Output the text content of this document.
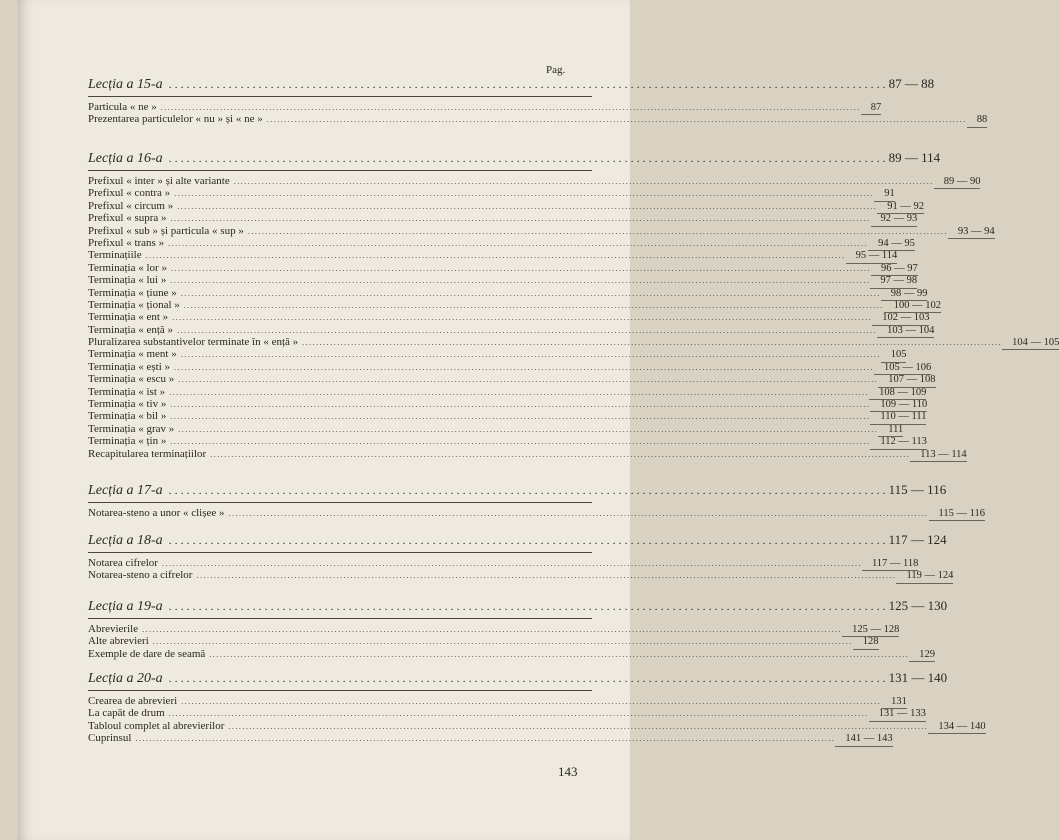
Pag.
Lecția a 15-a ........................................................................................................................ 87 — 88
Particula « ne » ........................................................................................................................................................................................................ 87
Prezentarea particulelor « nu » și « ne » ........................................................................................................................................................................................................ 88
Lecția a 16-a ........................................................................................................................ 89 — 114
Prefixul « inter » și alte variante ........................................................................................................................................................................................................ 89 — 90
Prefixul « contra » ........................................................................................................................................................................................................ 91
Prefixul « circum » ........................................................................................................................................................................................................ 91 — 92
Prefixul « supra » ........................................................................................................................................................................................................ 92 — 93
Prefixul « sub » și particula « sup » ........................................................................................................................................................................................................ 93 — 94
Prefixul « trans » ........................................................................................................................................................................................................ 94 — 95
Terminațiile ........................................................................................................................................................................................................ 95 — 114
Terminația « lor » ........................................................................................................................................................................................................ 96 — 97
Terminația « lui » ........................................................................................................................................................................................................ 97 — 98
Terminația « țiune » ........................................................................................................................................................................................................ 98 — 99
Terminația « țional » ........................................................................................................................................................................................................ 100 — 102
Terminația « ent » ........................................................................................................................................................................................................ 102 — 103
Terminația « ență » ........................................................................................................................................................................................................ 103 — 104
Pluralizarea substantivelor terminate în « ență » ........................................................................................................................................................................................................ 104 — 105
Terminația « ment » ........................................................................................................................................................................................................ 105
Terminația « ești » ........................................................................................................................................................................................................ 105 — 106
Terminația « escu » ........................................................................................................................................................................................................ 107 — 108
Terminația « ist » ........................................................................................................................................................................................................ 108 — 109
Terminația « tiv » ........................................................................................................................................................................................................ 109 — 110
Terminația « bil » ........................................................................................................................................................................................................ 110 — 111
Terminația « grav » ........................................................................................................................................................................................................ 111
Terminația « țin » ........................................................................................................................................................................................................ 112 — 113
Recapitularea terminațiilor ........................................................................................................................................................................................................ 113 — 114
Lecția a 17-a ........................................................................................................................ 115 — 116
Notarea-steno a unor « clișee » ........................................................................................................................................................................................................ 115 — 116
Lecția a 18-a ........................................................................................................................ 117 — 124
Notarea cifrelor ........................................................................................................................................................................................................ 117 — 118
Notarea-steno a cifrelor ........................................................................................................................................................................................................ 119 — 124
Lecția a 19-a ........................................................................................................................ 125 — 130
Abrevierile ........................................................................................................................................................................................................ 125 — 128
Alte abrevieri ........................................................................................................................................................................................................ 128
Exemple de dare de seamă ........................................................................................................................................................................................................ 129
Lecția a 20-a ........................................................................................................................ 131 — 140
Crearea de abrevieri ........................................................................................................................................................................................................ 131
La capăt de drum ........................................................................................................................................................................................................ 131 — 133
Tabloul complet al abrevierilor ........................................................................................................................................................................................................ 134 — 140
Cuprinsul ........................................................................................................................................................................................................ 141 — 143
143
